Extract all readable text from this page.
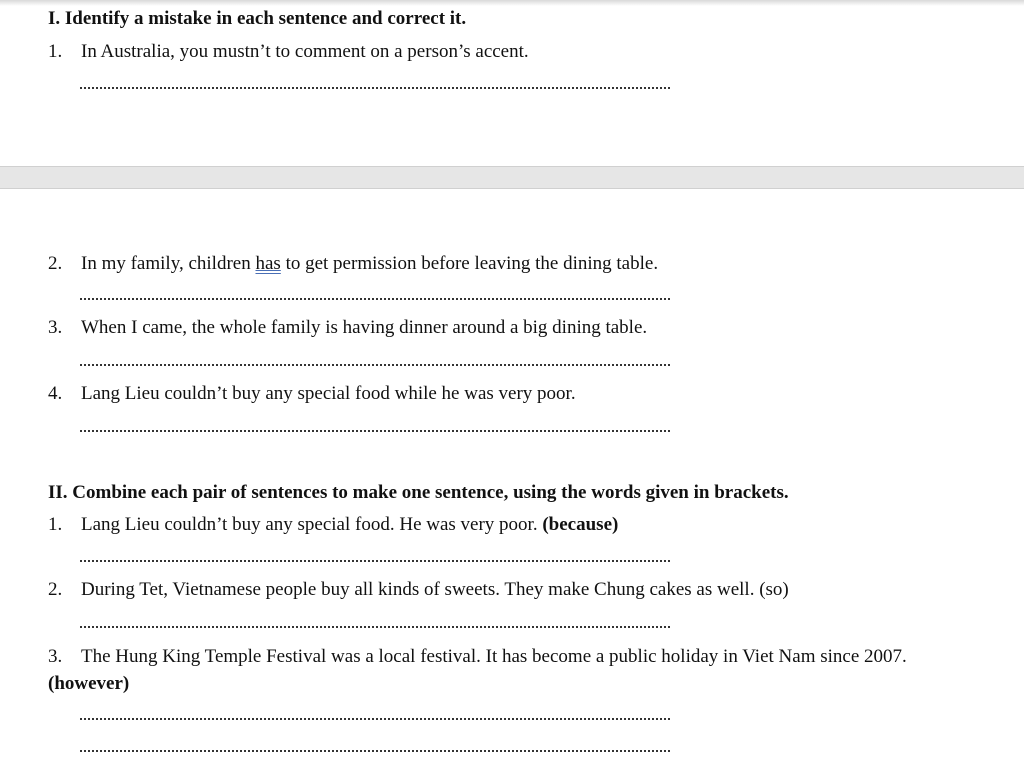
I. Identify a mistake in each sentence and correct it.
1. In Australia, you mustn’t to comment on a person’s accent.
2. In my family, children has to get permission before leaving the dining table.
3. When I came, the whole family is having dinner around a big dining table.
4. Lang Lieu couldn’t buy any special food while he was very poor.
II. Combine each pair of sentences to make one sentence, using the words given in brackets.
1. Lang Lieu couldn’t buy any special food. He was very poor. (because)
2. During Tet, Vietnamese people buy all kinds of sweets. They make Chung cakes as well. (so)
3. The Hung King Temple Festival was a local festival. It has become a public holiday in Viet Nam since 2007.
(however)
